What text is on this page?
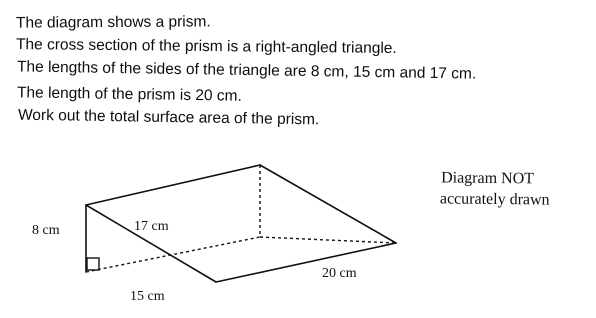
The diagram shows a prism.
The cross section of the prism is a right-angled triangle.
The lengths of the sides of the triangle are 8 cm, 15 cm and 17 cm.
The length of the prism is 20 cm.
Work out the total surface area of the prism.
8 cm	17 cm
20 cm
15 cm
Diagram NOT
accurately drawn
